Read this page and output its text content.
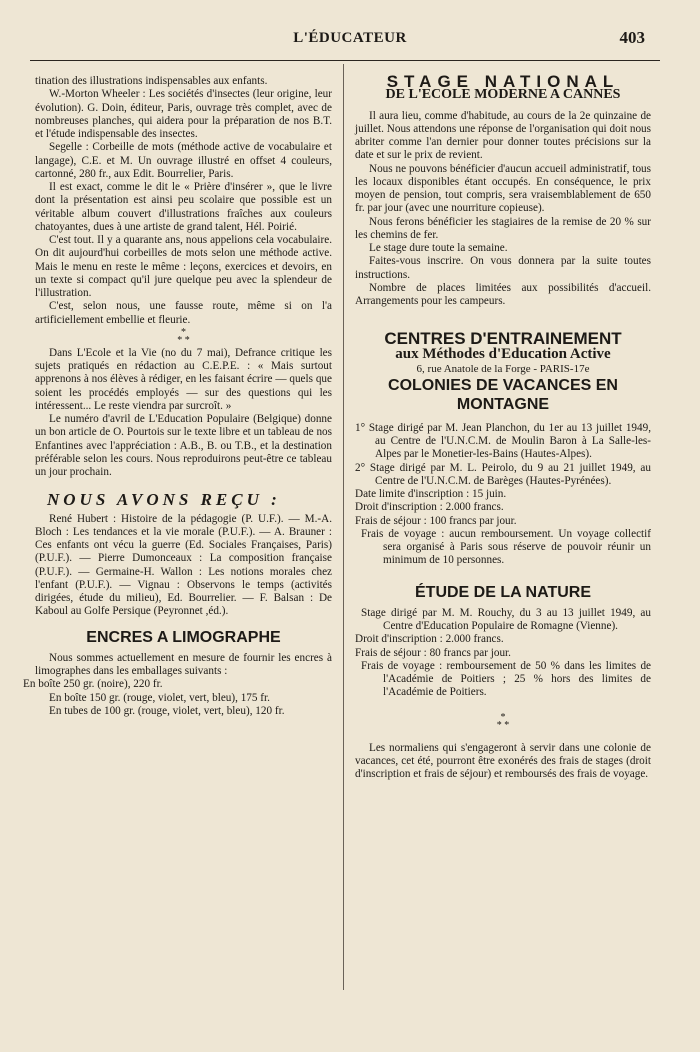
L'ÉDUCATEUR	403

tination des illustrations indispensables aux enfants.

W.-Morton Wheeler : Les sociétés d'insectes (leur origine, leur évolution). G. Doin, éditeur, Paris, ouvrage très complet, avec de nombreuses planches, qui aidera pour la préparation de nos B.T. et l'étude indispensable des insectes.

Segelle : Corbeille de mots (méthode active de vocabulaire et langage), C.E. et M. Un ouvrage illustré en offset 4 couleurs, cartonné, 280 fr., aux Edit. Bourrelier, Paris.

Il est exact, comme le dit le « Prière d'insérer », que le livre dont la présentation est ainsi peu scolaire que possible est un véritable album couvert d'illustrations fraîches aux couleurs chatoyantes, dues à une artiste de grand talent, Hél. Poirié.

C'est tout. Il y a quarante ans, nous appelions cela vocabulaire. On dit aujourd'hui corbeilles de mots selon une méthode active. Mais le menu en reste le même : leçons, exercices et devoirs, en un texte si compact qu'il jure quelque peu avec la splendeur de l'illustration.

C'est, selon nous, une fausse route, même si on l'a artificiellement embellie et fleurie.

*
* *

Dans L'Ecole et la Vie (no du 7 mai), Defrance critique les sujets pratiqués en rédaction au C.E.P.E. : « Mais surtout apprenons à nos élèves à rédiger, en les faisant écrire — quels que soient les procédés employés — sur des questions qui les intéressent... Le reste viendra par surcroît. »

Le numéro d'avril de L'Education Populaire (Belgique) donne un bon article de O. Pourtois sur le texte libre et un tableau de nos Enfantines avec l'appréciation : A.B., B. ou T.B., et la destination préférable selon les cours. Nous reproduirons peut-être ce tableau un jour prochain.

NOUS AVONS REÇU :

René Hubert : Histoire de la pédagogie (P. U.F.). — M.-A. Bloch : Les tendances et la vie morale (P.U.F.). — A. Brauner : Ces enfants ont vécu la guerre (Ed. Sociales Françaises, Paris) (P.U.F.). — Pierre Dumonceaux : La composition française (P.U.F.). — Germaine-H. Wallon : Les notions morales chez l'enfant (P.U.F.). — Vignau : Observons le temps (activités dirigées, étude du milieu), Ed. Bourrelier. — F. Balsan : De Kaboul au Golfe Persique (Peyronnet ,éd.).

ENCRES A LIMOGRAPHE

Nous sommes actuellement en mesure de fournir les encres à limographes dans les emballages suivants :

En boîte 250 gr. (noire), 220 fr.

En boîte 150 gr. (rouge, violet, vert, bleu), 175 fr.

En tubes de 100 gr. (rouge, violet, vert, bleu), 120 fr.

STAGE NATIONAL
DE L'ECOLE MODERNE A CANNES

Il aura lieu, comme d'habitude, au cours de la 2e quinzaine de juillet. Nous attendons une réponse de l'organisation qui doit nous abriter comme l'an dernier pour donner toutes précisions sur la date et sur le prix de revient.

Nous ne pouvons bénéficier d'aucun accueil administratif, tous les locaux disponibles étant occupés. En conséquence, le prix moyen de pension, tout compris, sera vraisemblablement de 650 fr. par jour (avec une nourriture copieuse).

Nous ferons bénéficier les stagiaires de la remise de 20 % sur les chemins de fer.

Le stage dure toute la semaine.

Faites-vous inscrire. On vous donnera par la suite toutes instructions.

Nombre de places limitées aux possibilités d'accueil. Arrangements pour les campeurs.

CENTRES D'ENTRAINEMENT
aux Méthodes d'Education Active
6, rue Anatole de la Forge - PARIS-17e
COLONIES DE VACANCES EN MONTAGNE

1° Stage dirigé par M. Jean Planchon, du 1er au 13 juillet 1949, au Centre de l'U.N.C.M. de Moulin Baron à La Salle-les-Alpes par le Monetier-les-Bains (Hautes-Alpes).

2° Stage dirigé par M. L. Peirolo, du 9 au 21 juillet 1949, au Centre de l'U.N.C.M. de Barèges (Hautes-Pyrénées).

Date limite d'inscription : 15 juin.

Droit d'inscription : 2.000 francs.

Frais de séjour : 100 francs par jour.

Frais de voyage : aucun remboursement. Un voyage collectif sera organisé à Paris sous réserve de pouvoir réunir un minimum de 10 personnes.

ÉTUDE DE LA NATURE

Stage dirigé par M. M. Rouchy, du 3 au 13 juillet 1949, au Centre d'Education Populaire de Romagne (Vienne).

Droit d'inscription : 2.000 francs.

Frais de séjour : 80 francs par jour.

Frais de voyage : remboursement de 50 % dans les limites de l'Académie de Poitiers ; 25 % hors des limites de l'Académie de Poitiers.

*
* *

Les normaliens qui s'engageront à servir dans une colonie de vacances, cet été, pourront être exonérés des frais de stages (droit d'inscription et frais de séjour) et remboursés des frais de voyage.
